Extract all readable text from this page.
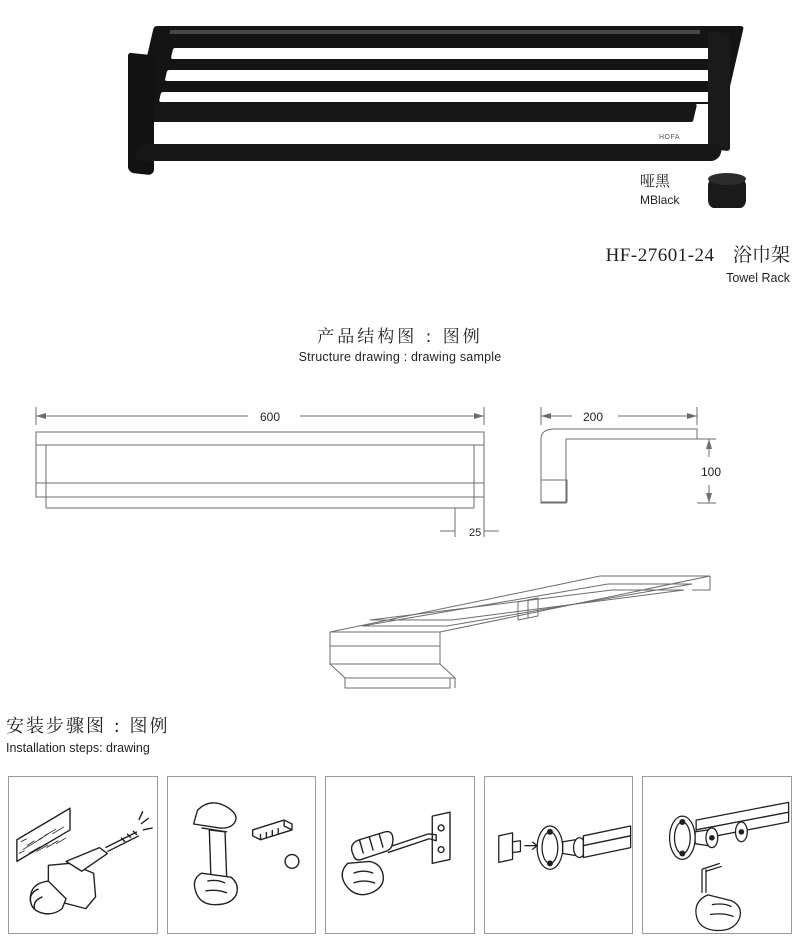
HOFA
哑黑
MBlack
HF-27601-24 浴巾架
Towel Rack
产品结构图 : 图例
Structure drawing : drawing sample
600
25
200
100
安装步骤图 : 图例
Installation steps: drawing
